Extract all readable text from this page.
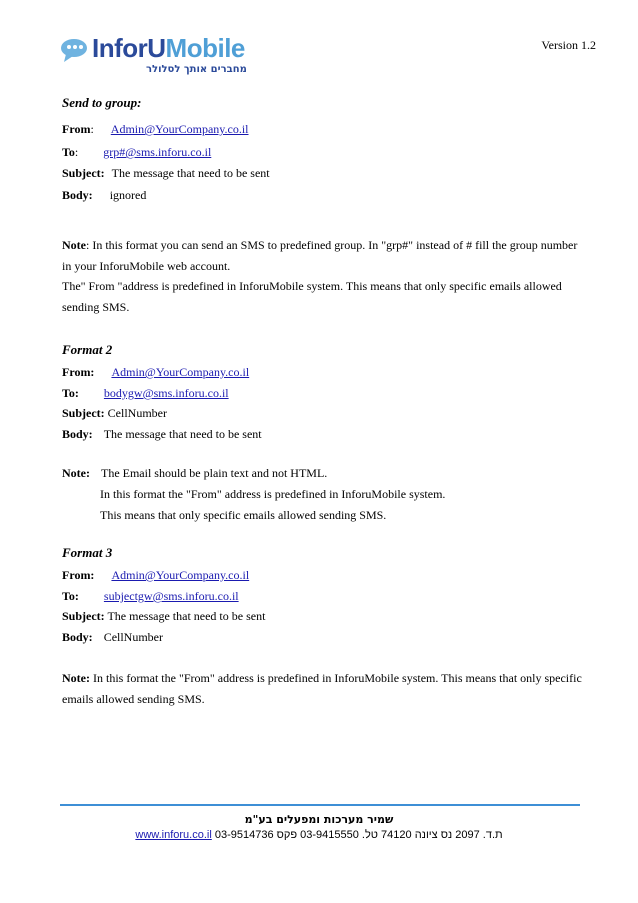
Version 1.2
InforUMobile
מחברים אותך לסלולר
Send to group:
From: Admin@YourCompany.co.il
To: grp#@sms.inforu.co.il
Subject: The message that need to be sent
Body: ignored
Note: In this format you can send an SMS to predefined group. In "grp#" instead of # fill the group number
in your InforuMobile web account.
The" From "address is predefined in InforuMobile system. This means that only specific emails allowed
sending SMS.
Format 2
From: Admin@YourCompany.co.il
To: bodygw@sms.inforu.co.il
Subject: CellNumber
Body: The message that need to be sent
Note: The Email should be plain text and not HTML.
In this format the "From" address is predefined in InforuMobile system.
This means that only specific emails allowed sending SMS.
Format 3
From: Admin@YourCompany.co.il
To: subjectgw@sms.inforu.co.il
Subject: The message that need to be sent
Body: CellNumber
Note: In this format the "From" address is predefined in InforuMobile system. This means that only specific
emails allowed sending SMS.
שמיר מערכות ומפעלים בע"מ
ת.ד. 2097 נס ציונה 74120 טל. 03-9415550 פקס 03-9514736 www.inforu.co.il
